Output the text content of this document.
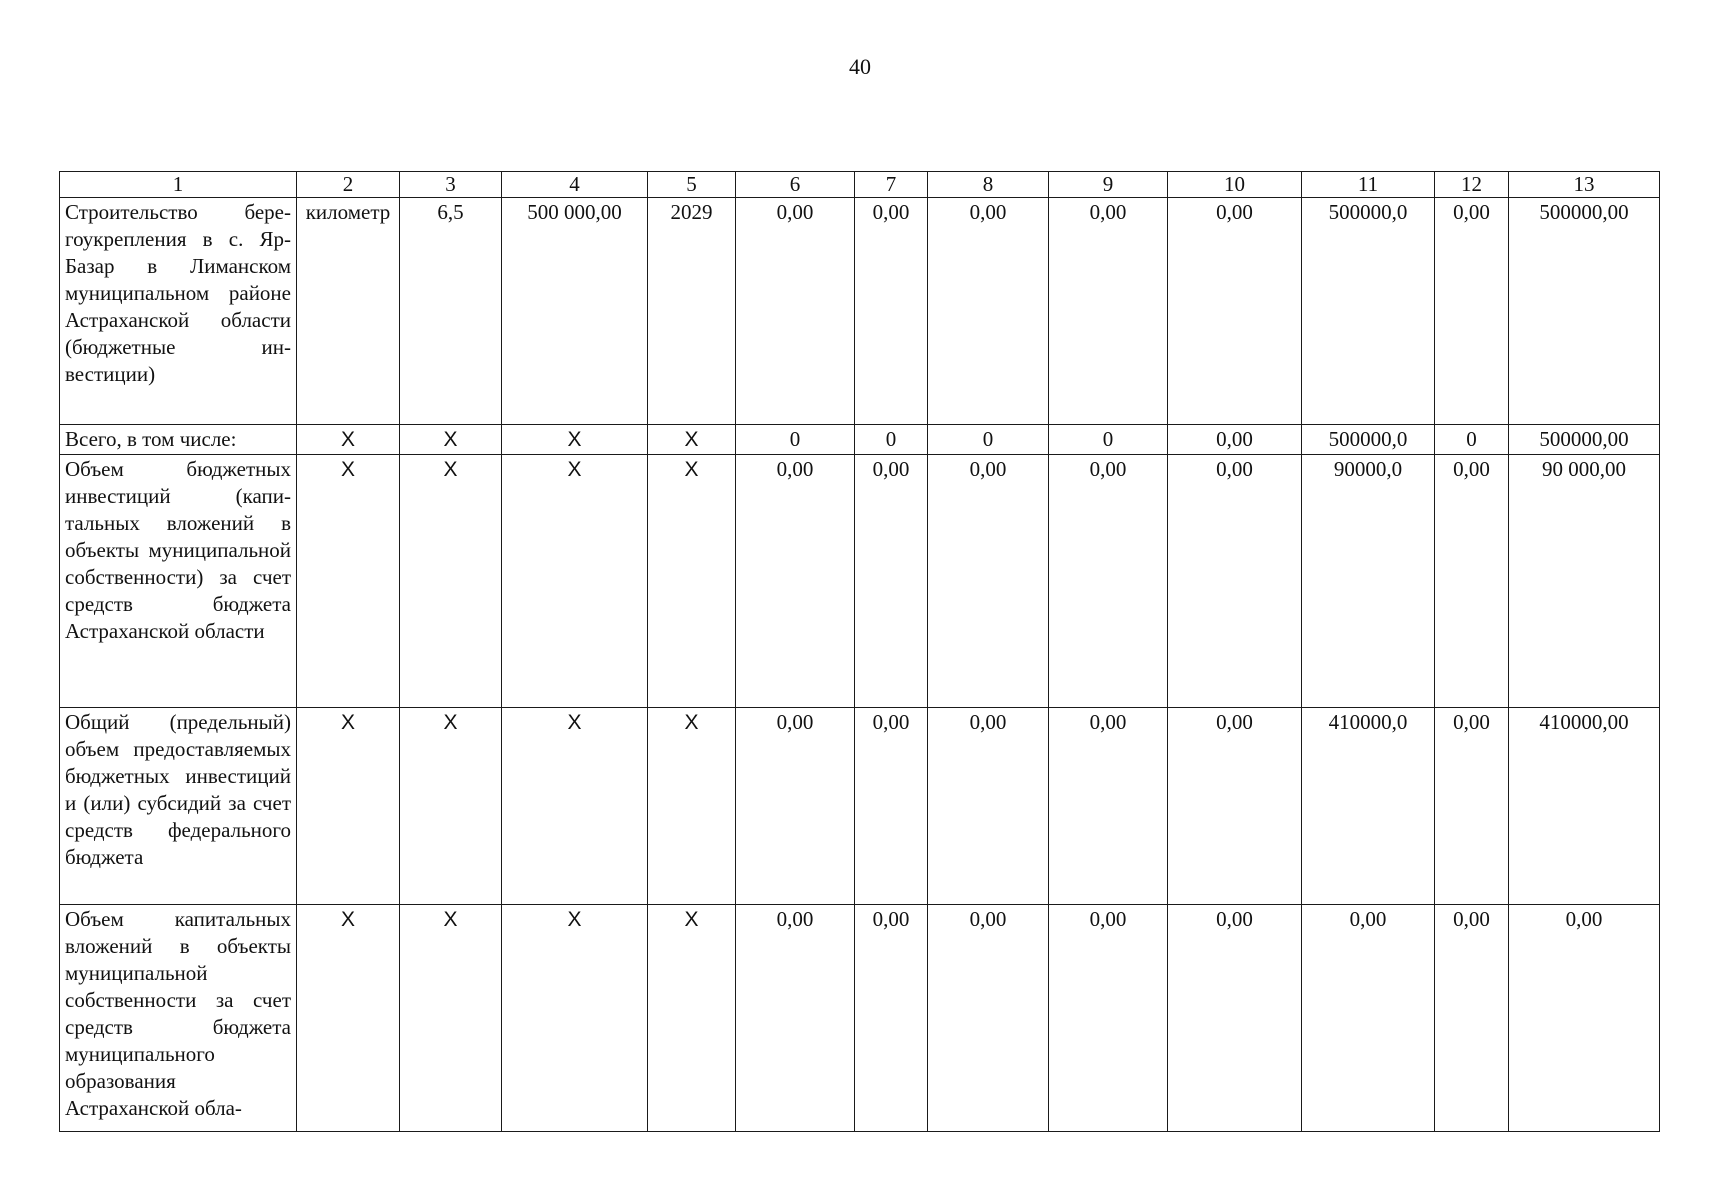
40
1	2	3	4	5	6	7	8	9	10	11	12	13
Строительство берегоукрепления в с. Яр-Базар в Лиманском муниципальном районе Астраханской области (бюджетные инвестиции)	километр	6,5	500 000,00	2029	0,00	0,00	0,00	0,00	0,00	500000,0	0,00	500000,00
Всего, в том числе:	X	X	X	X	0	0	0	0	0,00	500000,0	0	500000,00
Объем бюджетных инвестиций (капитальных вложений в объекты муниципальной собственности) за счет средств бюджета Астраханской области	X	X	X	X	0,00	0,00	0,00	0,00	0,00	90000,0	0,00	90 000,00
Общий (предельный) объем предоставляемых бюджетных инвестиций и (или) субсидий за счет средств федерального бюджета	X	X	X	X	0,00	0,00	0,00	0,00	0,00	410000,0	0,00	410000,00
Объем капитальных вложений в объекты муниципальной собственности за счет средств бюджета муниципального образования Астраханской обла-	X	X	X	X	0,00	0,00	0,00	0,00	0,00	0,00	0,00	0,00
